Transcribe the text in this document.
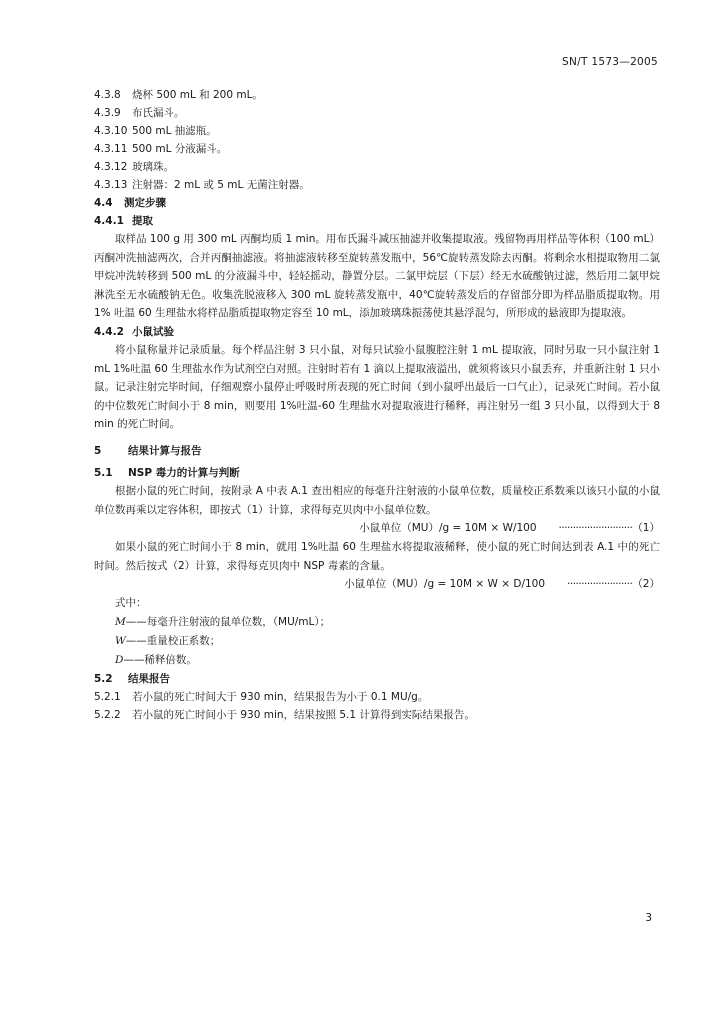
SN/T 1573—2005
4.3.8 烧杯 500 mL 和 200 mL。
4.3.9 布氏漏斗。
4.3.10 500 mL 抽滤瓶。
4.3.11 500 mL 分液漏斗。
4.3.12 玻璃珠。
4.3.13 注射器：2 mL 或 5 mL 无菌注射器。
4.4 测定步骤
4.4.1 提取

取样品 100 g 用 300 mL 丙酮均质 1 min。用布氏漏斗减压抽滤并收集提取液。残留物再用样品等体积（100 mL）丙酮冲洗抽滤两次，合并丙酮抽滤液。将抽滤液转移至旋转蒸发瓶中，56℃旋转蒸发除去丙酮。将剩余水相提取物用二氯甲烷冲洗转移到 500 mL 的分液漏斗中，轻轻摇动，静置分层。二氯甲烷层（下层）经无水硫酸钠过滤，然后用二氯甲烷淋洗至无水硫酸钠无色。收集洗脱液移入 300 mL 旋转蒸发瓶中，40℃旋转蒸发后的存留部分即为样品脂质提取物。用 1% 吐温 60 生理盐水将样品脂质提取物定容至 10 mL，添加玻璃珠振荡使其悬浮混匀，所形成的悬液即为提取液。

4.4.2 小鼠试验

将小鼠称量并记录质量。每个样品注射 3 只小鼠，对每只试验小鼠腹腔注射 1 mL 提取液，同时另取一只小鼠注射 1 mL 1%吐温 60 生理盐水作为试剂空白对照。注射时若有 1 滴以上提取液溢出，就须将该只小鼠丢弃，并重新注射 1 只小鼠。记录注射完毕时间，仔细观察小鼠停止呼吸时所表现的死亡时间（到小鼠呼出最后一口气止），记录死亡时间。若小鼠的中位数死亡时间小于 8 min，则要用 1%吐温-60 生理盐水对提取液进行稀释，再注射另一组 3 只小鼠，以得到大于 8 min 的死亡时间。

5	结果计算与报告
5.1 NSP 毒力的计算与判断

根据小鼠的死亡时间，按附录 A 中表 A.1 查出相应的每毫升注射液的小鼠单位数，质量校正系数乘以该只小鼠的小鼠单位数再乘以定容体积，即按式（1）计算，求得每克贝肉中小鼠单位数。

小鼠单位（MU）/g = 10M × W/100 ·························· （1）

如果小鼠的死亡时间小于 8 min，就用 1%吐温 60 生理盐水将提取液稀释，使小鼠的死亡时间达到表 A.1 中的死亡时间。然后按式（2）计算，求得每克贝肉中 NSP 毒素的含量。

小鼠单位（MU）/g = 10M × W × D/100 ······················· （2）
式中：
M——每毫升注射液的鼠单位数，（MU/mL）；
W——重量校正系数；
D——稀释倍数。
5.2 结果报告
5.2.1 若小鼠的死亡时间大于 930 min，结果报告为小于 0.1 MU/g。
5.2.2 若小鼠的死亡时间小于 930 min，结果按照 5.1 计算得到实际结果报告。
3
